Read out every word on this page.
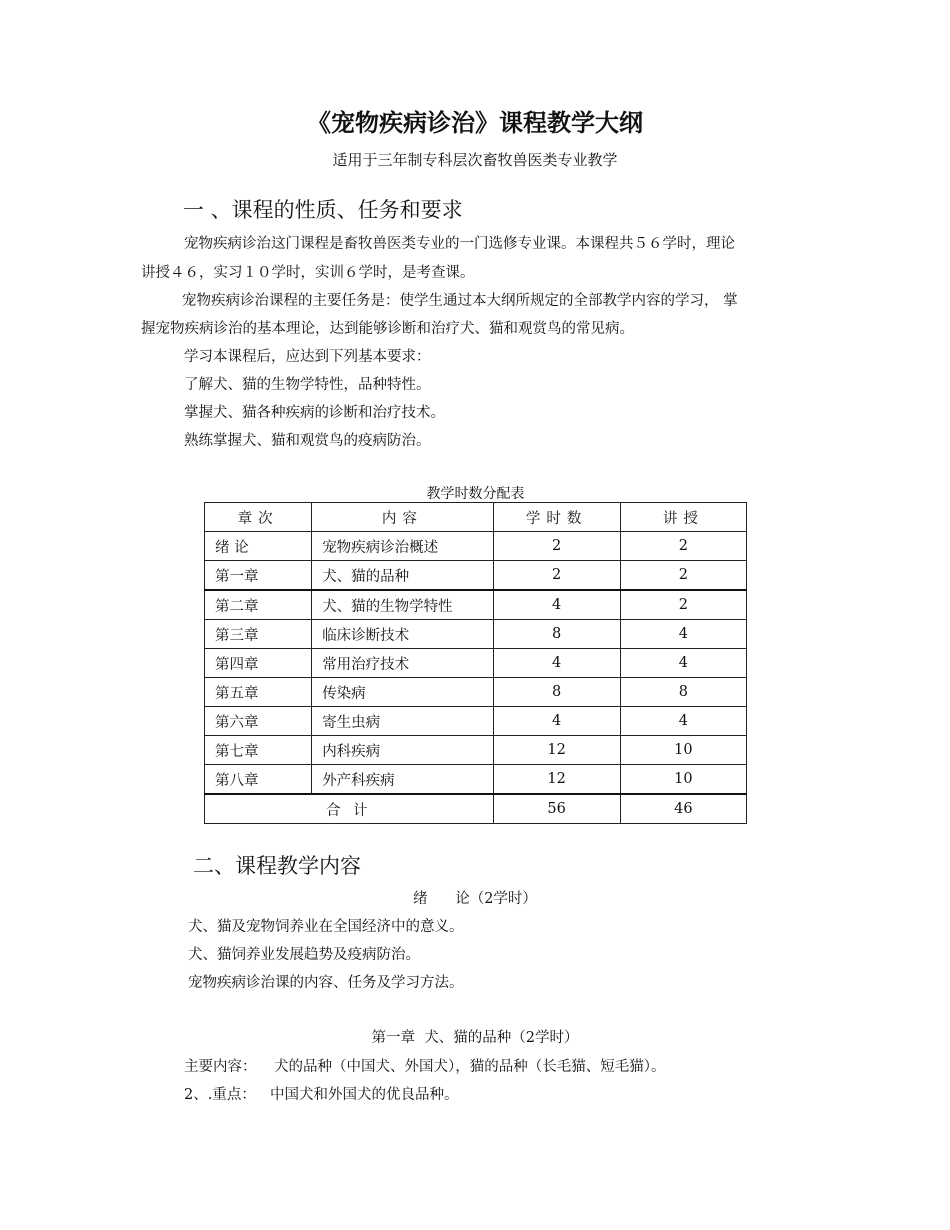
《宠物疾病诊治》课程教学大纲
适用于三年制专科层次畜牧兽医类专业教学
一 、课程的性质、任务和要求
宠物疾病诊治这门课程是畜牧兽医类专业的一门选修专业课。本课程共５６学时，理论
讲授４６，实习１０学时，实训６学时，是考查课。
宠物疾病诊治课程的主要任务是：使学生通过本大纲所规定的全部教学内容的学习， 掌
握宠物疾病诊治的基本理论，达到能够诊断和治疗犬、猫和观赏鸟的常见病。
学习本课程后，应达到下列基本要求：
了解犬、猫的生物学特性，品种特性。
掌握犬、猫各种疾病的诊断和治疗技术。
熟练掌握犬、猫和观赏鸟的疫病防治。
教学时数分配表
章次	内容	学时数	讲授
绪 论	宠物疾病诊治概述	2	2
第一章	犬、猫的品种	2	2
第二章	犬、猫的生物学特性	4	2
第三章	临床诊断技术	8	4
第四章	常用治疗技术	4	4
第五章	传染病	8	8
第六章	寄生虫病	4	4
第七章	内科疾病	12	10
第八章	外产科疾病	12	10
合 计		56	46
二、课程教学内容
绪      论（2学时）
犬、猫及宠物饲养业在全国经济中的意义。
犬、猫饲养业发展趋势及疫病防治。
宠物疾病诊治课的内容、任务及学习方法。
第一章  犬、猫的品种（2学时）
主要内容： 犬的品种（中国犬、外国犬），猫的品种（长毛猫、短毛猫）。
2、.重点： 中国犬和外国犬的优良品种。
